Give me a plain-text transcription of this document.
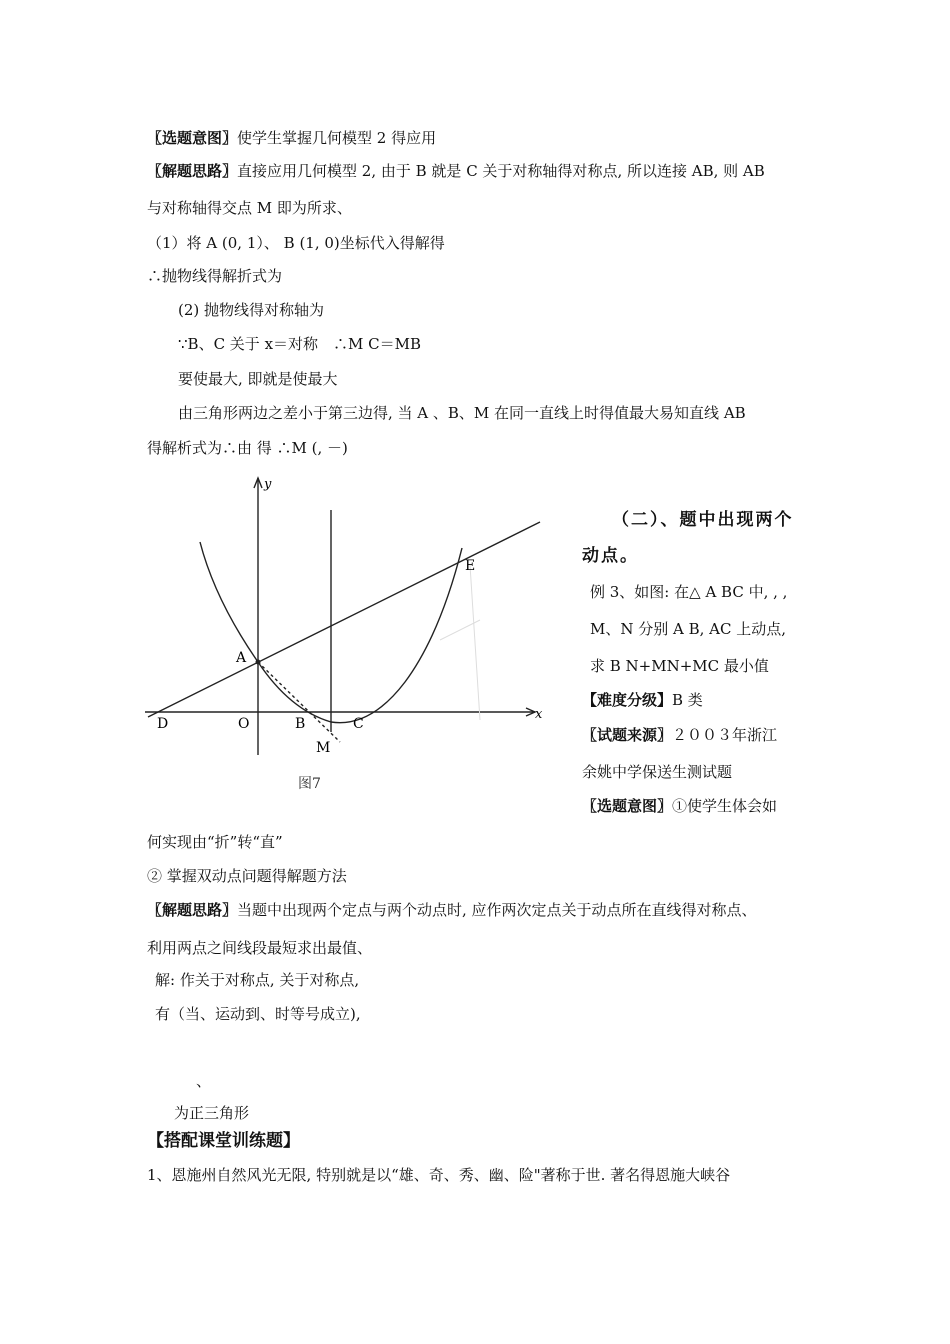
〖选题意图〗使学生掌握几何模型 2 得应用
〖解题思路〗直接应用几何模型 2, 由于 B 就是 C 关于对称轴得对称点, 所以连接 AB, 则 AB
与对称轴得交点 M 即为所求、
（1）将 A (0, 1）、 B (1, 0)坐标代入得解得
∴抛物线得解折式为
(2) 抛物线得对称轴为
∵B、C 关于 x＝对称　∴M C＝MB
要使最大, 即就是使最大
由三角形两边之差小于第三边得, 当 A 、B、M 在同一直线上时得值最大易知直线 AB
得解析式为∴由 得 ∴M (, －)
y
x
A
O	B	C
D
E
M
图7
（二）、题中出现两个
动点。
例 3、如图: 在△ A BC 中, , ,
M、N 分别 A B, AC 上动点,
求 B N+MN+MC 最小值
【难度分级】B 类
〖试题来源〗２００３年浙江
余姚中学保送生测试题
〖选题意图〗①使学生体会如
何实现由“折”转“直”
② 掌握双动点问题得解题方法
〖解题思路〗当题中出现两个定点与两个动点时, 应作两次定点关于动点所在直线得对称点、
利用两点之间线段最短求出最值、
解: 作关于对称点, 关于对称点,
有（当、运动到、时等号成立),
、
为正三角形
【搭配课堂训练题】
1、恩施州自然风光无限, 特别就是以“雄、奇、秀、幽、险"著称于世. 著名得恩施大峡谷
